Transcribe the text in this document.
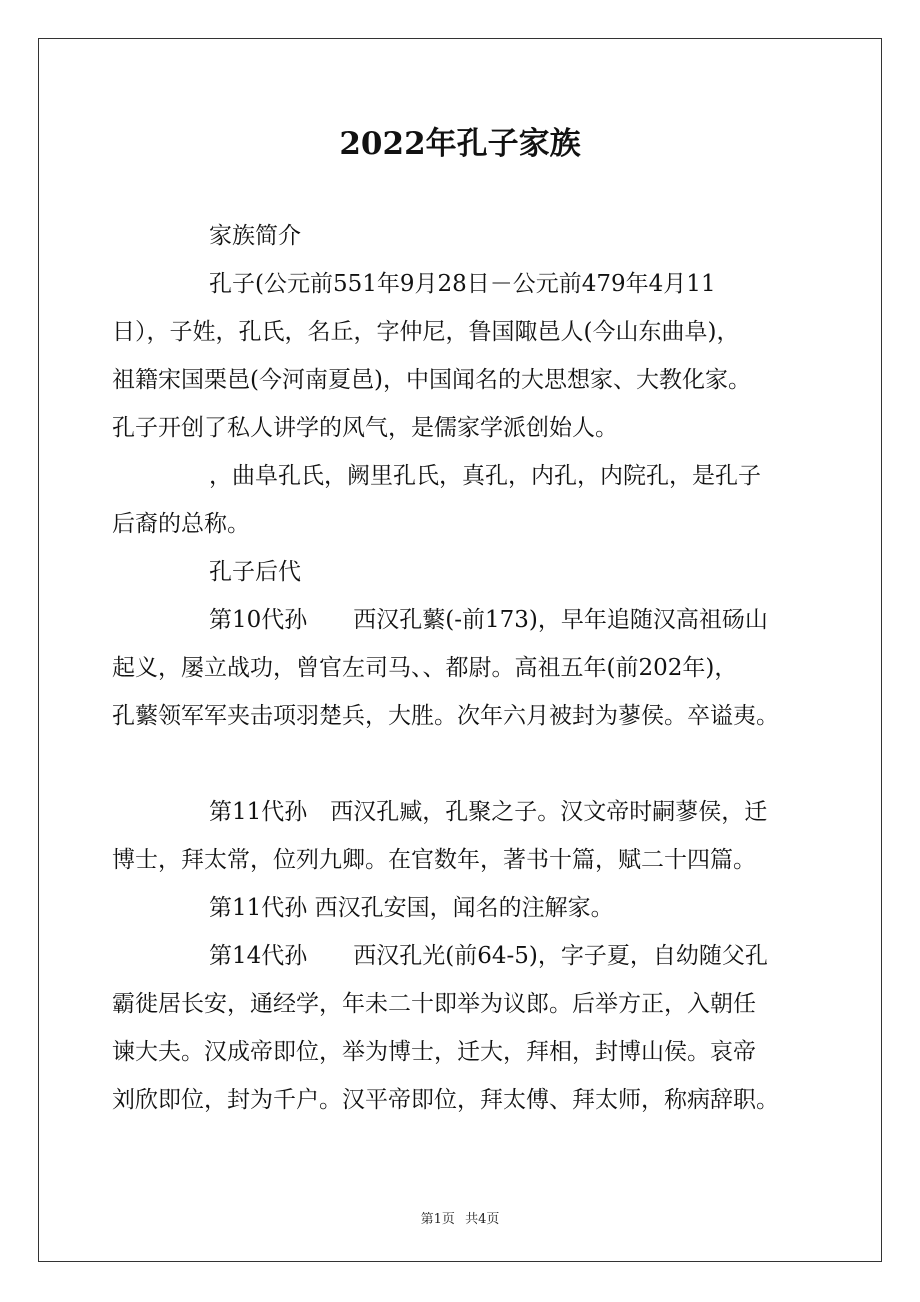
2022年孔子家族

家族简介

孔子(公元前551年9月28日－公元前479年4月11

日），子姓，孔氏，名丘，字仲尼，鲁国陬邑人(今山东曲阜)，

祖籍宋国栗邑(今河南夏邑)，中国闻名的大思想家、大教化家。

孔子开创了私人讲学的风气，是儒家学派创始人。

，曲阜孔氏，阙里孔氏，真孔，内孔，内院孔，是孔子

后裔的总称。

孔子后代

第10代孙　　西汉孔蘩(-前173)，早年追随汉高祖砀山

起义，屡立战功，曾官左司马、、都尉。高祖五年(前202年)，

孔蘩领军军夹击项羽楚兵，大胜。次年六月被封为蓼侯。卒谥夷。

第11代孙　西汉孔臧，孔聚之子。汉文帝时嗣蓼侯，迁

博士，拜太常，位列九卿。在官数年，著书十篇，赋二十四篇。

第11代孙 西汉孔安国，闻名的注解家。

第14代孙　　西汉孔光(前64-5)，字子夏，自幼随父孔

霸徙居长安，通经学，年未二十即举为议郎。后举方正，入朝任

谏大夫。汉成帝即位，举为博士，迁大，拜相，封博山侯。哀帝

刘欣即位，封为千户。汉平帝即位，拜太傅、拜太师，称病辞职。

第1页 共4页
